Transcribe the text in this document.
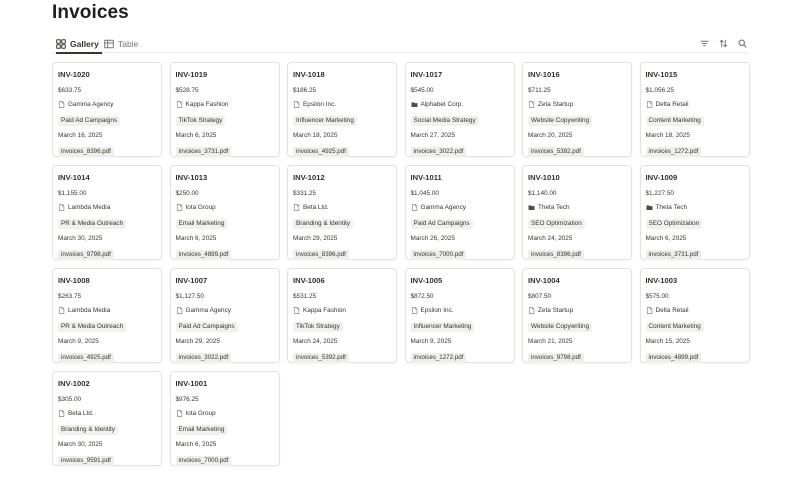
Invoices
Gallery Table
INV-1020
$633.75
Gamma Agency
Paid Ad Campaigns
March 16, 2025
invoices_8396.pdf
INV-1019
$528.75
Kappa Fashion
TikTok Strategy
March 6, 2025
invoices_3731.pdf
INV-1018
$186.25
Epsilon Inc.
Influencer Marketing
March 18, 2025
invoices_4925.pdf
INV-1017
$545.00
Alphabet Corp.
Social Media Strategy
March 27, 2025
invoices_3022.pdf
INV-1016
$711.25
Zeta Startup
Website Copywriting
March 20, 2025
invoices_5392.pdf
INV-1015
$1,056.25
Delta Retail
Content Marketing
March 18, 2025
invoices_1272.pdf
INV-1014
$1,155.00
Lambda Media
PR & Media Outreach
March 30, 2025
invoices_9798.pdf
INV-1013
$250.00
Iota Group
Email Marketing
March 6, 2025
invoices_4899.pdf
INV-1012
$331.25
Beta Ltd.
Branding & Identity
March 29, 2025
invoices_8396.pdf
INV-1011
$1,045.00
Gamma Agency
Paid Ad Campaigns
March 26, 2025
invoices_7000.pdf
INV-1010
$1,140.00
Theta Tech
SEO Optimization
March 24, 2025
invoices_8396.pdf
INV-1009
$1,227.50
Theta Tech
SEO Optimization
March 6, 2025
invoices_3731.pdf
INV-1008
$263.75
Lambda Media
PR & Media Outreach
March 9, 2025
invoices_4925.pdf
INV-1007
$1,127.50
Gamma Agency
Paid Ad Campaigns
March 29, 2025
invoices_3022.pdf
INV-1006
$531.25
Kappa Fashion
TikTok Strategy
March 24, 2025
invoices_5392.pdf
INV-1005
$872.50
Epsilon Inc.
Influencer Marketing
March 9, 2025
invoices_1272.pdf
INV-1004
$807.50
Zeta Startup
Website Copywriting
March 21, 2025
invoices_9798.pdf
INV-1003
$575.00
Delta Retail
Content Marketing
March 15, 2025
invoices_4899.pdf
INV-1002
$305.00
Beta Ltd.
Branding & Identity
March 30, 2025
invoices_9591.pdf
INV-1001
$976.25
Iota Group
Email Marketing
March 6, 2025
invoices_7000.pdf
